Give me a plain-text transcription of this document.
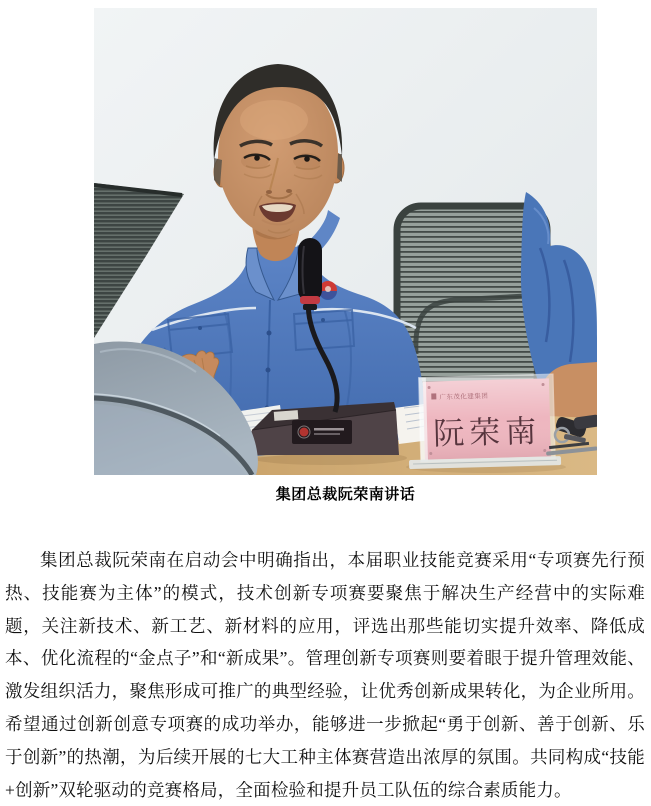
广东茂化建集团
阮荣南
集团总裁阮荣南讲话

集团总裁阮荣南在启动会中明确指出，本届职业技能竞赛采用“专项赛先行预热、技能赛为主体”的模式，技术创新专项赛要聚焦于解决生产经营中的实际难题，关注新技术、新工艺、新材料的应用，评选出那些能切实提升效率、降低成本、优化流程的“金点子”和“新成果”。管理创新专项赛则要着眼于提升管理效能、激发组织活力，聚焦形成可推广的典型经验，让优秀创新成果转化，为企业所用。希望通过创新创意专项赛的成功举办，能够进一步掀起“勇于创新、善于创新、乐于创新”的热潮，为后续开展的七大工种主体赛营造出浓厚的氛围。共同构成“技能+创新”双轮驱动的竞赛格局，全面检验和提升员工队伍的综合素质能力。
